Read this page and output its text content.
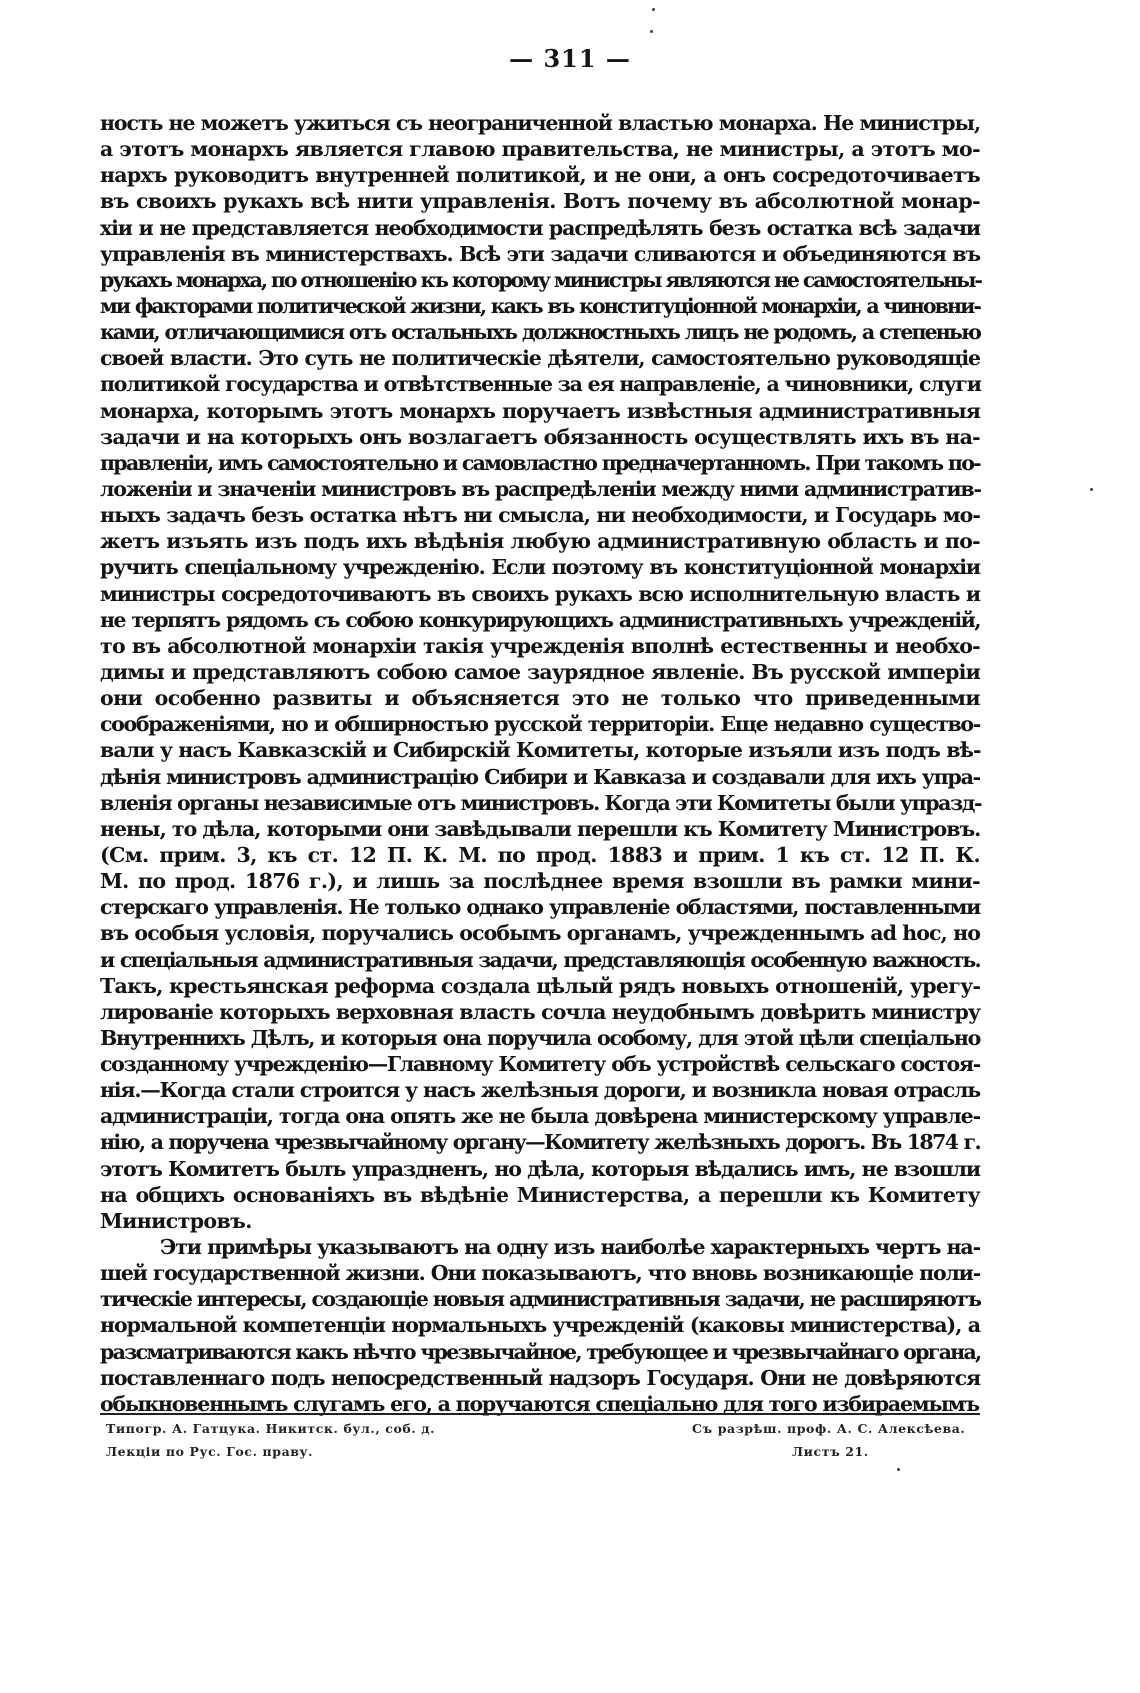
— 311 —
ность не можетъ ужиться съ неограниченной властью монарха. Не министры,
а этотъ монархъ является главою правительства, не министры, а этотъ мо-
нархъ руководитъ внутренней политикой, и не они, а онъ сосредоточиваетъ
въ своихъ рукахъ всѣ нити управленія. Вотъ почему въ абсолютной монар-
хіи и не представляется необходимости распредѣлять безъ остатка всѣ задачи
управленія въ министерствахъ. Всѣ эти задачи сливаются и объединяются въ
рукахъ монарха, по отношенію къ которому министры являются не самостоятельны-
ми факторами политической жизни, какъ въ конституціонной монархіи, а чиновни-
ками, отличающимися отъ остальныхъ должностныхъ лицъ не родомъ, а степенью
своей власти. Это суть не политическіе дѣятели, самостоятельно руководящіе
политикой государства и отвѣтственные за ея направленіе, а чиновники, слуги
монарха, которымъ этотъ монархъ поручаетъ извѣстныя административныя
задачи и на которыхъ онъ возлагаетъ обязанность осуществлять ихъ въ на-
правленіи, имъ самостоятельно и самовластно предначертанномъ. При такомъ по-
ложеніи и значеніи министровъ въ распредѣленіи между ними административ-
ныхъ задачъ безъ остатка нѣтъ ни смысла, ни необходимости, и Государь мо-
жетъ изъять изъ подъ ихъ вѣдѣнія любую административную область и по-
ручить спеціальному учрежденію. Если поэтому въ конституціонной монархіи
министры сосредоточиваютъ въ своихъ рукахъ всю исполнительную власть и
не терпятъ рядомъ съ собою конкурирующихъ административныхъ учрежденій,
то въ абсолютной монархіи такія учрежденія вполнѣ естественны и необхо-
димы и представляютъ собою самое заурядное явленіе. Въ русской имперіи
они особенно развиты и объясняется это не только что приведенными
соображеніями, но и обширностью русской территоріи. Еще недавно существо-
вали у насъ Кавказскій и Сибирскій Комитеты, которые изъяли изъ подъ вѣ-
дѣнія министровъ администрацію Сибири и Кавказа и создавали для ихъ упра-
вленія органы независимые отъ министровъ. Когда эти Комитеты были упразд-
нены, то дѣла, которыми они завѣдывали перешли къ Комитету Министровъ.
(См. прим. 3, къ ст. 12 П. К. М. по прод. 1883 и прим. 1 къ ст. 12 П. К.
М. по прод. 1876 г.), и лишь за послѣднее время взошли въ рамки мини-
стерскаго управленія. Не только однако управленіе областями, поставленными
въ особыя условія, поручались особымъ органамъ, учрежденнымъ ad hoc, но
и спеціальныя административныя задачи, представляющія особенную важность.
Такъ, крестьянская реформа создала цѣлый рядъ новыхъ отношеній, урегу-
лированіе которыхъ верховная власть сочла неудобнымъ довѣрить министру
Внутреннихъ Дѣлъ, и которыя она поручила особому, для этой цѣли спеціально
созданному учрежденію—Главному Комитету объ устройствѣ сельскаго состоя-
нія.—Когда стали строится у насъ желѣзныя дороги, и возникла новая отрасль
администраціи, тогда она опять же не была довѣрена министерскому управле-
нію, а поручена чрезвычайному органу—Комитету желѣзныхъ дорогъ. Въ 1874 г.
этотъ Комитетъ былъ упраздненъ, но дѣла, которыя вѣдались имъ, не взошли
на общихъ основаніяхъ въ вѣдѣніе Министерства, а перешли къ Комитету
Министровъ.
Эти примѣры указываютъ на одну изъ наиболѣе характерныхъ чертъ на-
шей государственной жизни. Они показываютъ, что вновь возникающіе поли-
тическіе интересы, создающіе новыя административныя задачи, не расширяютъ
нормальной компетенціи нормальныхъ учрежденій (каковы министерства), а
разсматриваются какъ нѣчто чрезвычайное, требующее и чрезвычайнаго органа,
поставленнаго подъ непосредственный надзоръ Государя. Они не довѣряются
обыкновеннымъ слугамъ его, а поручаются спеціально для того избираемымъ
Типогр. А. Гатцука. Никитск. бул., соб. д.	Съ разрѣш. проф. А. С. Алексѣева.
Лекціи по Рус. Гос. праву.	Листъ 21.
